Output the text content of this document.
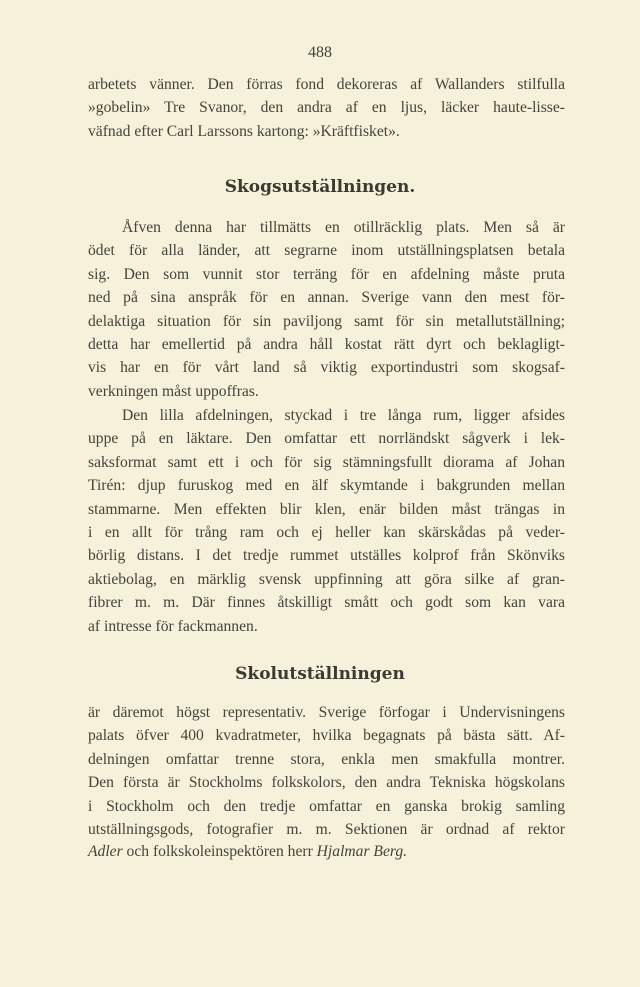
488
arbetets vänner. Den förras fond dekoreras af Wallanders stilfulla
»gobelin» Tre Svanor, den andra af en ljus, läcker haute-lisse-
väfnad efter Carl Larssons kartong: »Kräftfisket».
Skogsutställningen.
Åfven denna har tillmätts en otillräcklig plats. Men så är
ödet för alla länder, att segrarne inom utställningsplatsen betala
sig. Den som vunnit stor terräng för en afdelning måste pruta
ned på sina anspråk för en annan. Sverige vann den mest för-
delaktiga situation för sin paviljong samt för sin metallutställning;
detta har emellertid på andra håll kostat rätt dyrt och beklagligt-
vis har en för vårt land så viktig exportindustri som skogsaf-
verkningen måst uppoffras.
Den lilla afdelningen, styckad i tre långa rum, ligger afsides
uppe på en läktare. Den omfattar ett norrländskt sågverk i lek-
saksformat samt ett i och för sig stämningsfullt diorama af Johan
Tirén: djup furuskog med en älf skymtande i bakgrunden mellan
stammarne. Men effekten blir klen, enär bilden måst trängas in
i en allt för trång ram och ej heller kan skärskådas på veder-
börlig distans. I det tredje rummet utställes kolprof från Skönviks
aktiebolag, en märklig svensk uppfinning att göra silke af gran-
fibrer m. m. Där finnes åtskilligt smått och godt som kan vara
af intresse för fackmannen.
Skolutställningen
är däremot högst representativ. Sverige förfogar i Undervisningens
palats öfver 400 kvadratmeter, hvilka begagnats på bästa sätt. Af-
delningen omfattar trenne stora, enkla men smakfulla montrer.
Den första är Stockholms folkskolors, den andra Tekniska högskolans
i Stockholm och den tredje omfattar en ganska brokig samling
utställningsgods, fotografier m. m. Sektionen är ordnad af rektor
Adler och folkskoleinspektören herr Hjalmar Berg.
